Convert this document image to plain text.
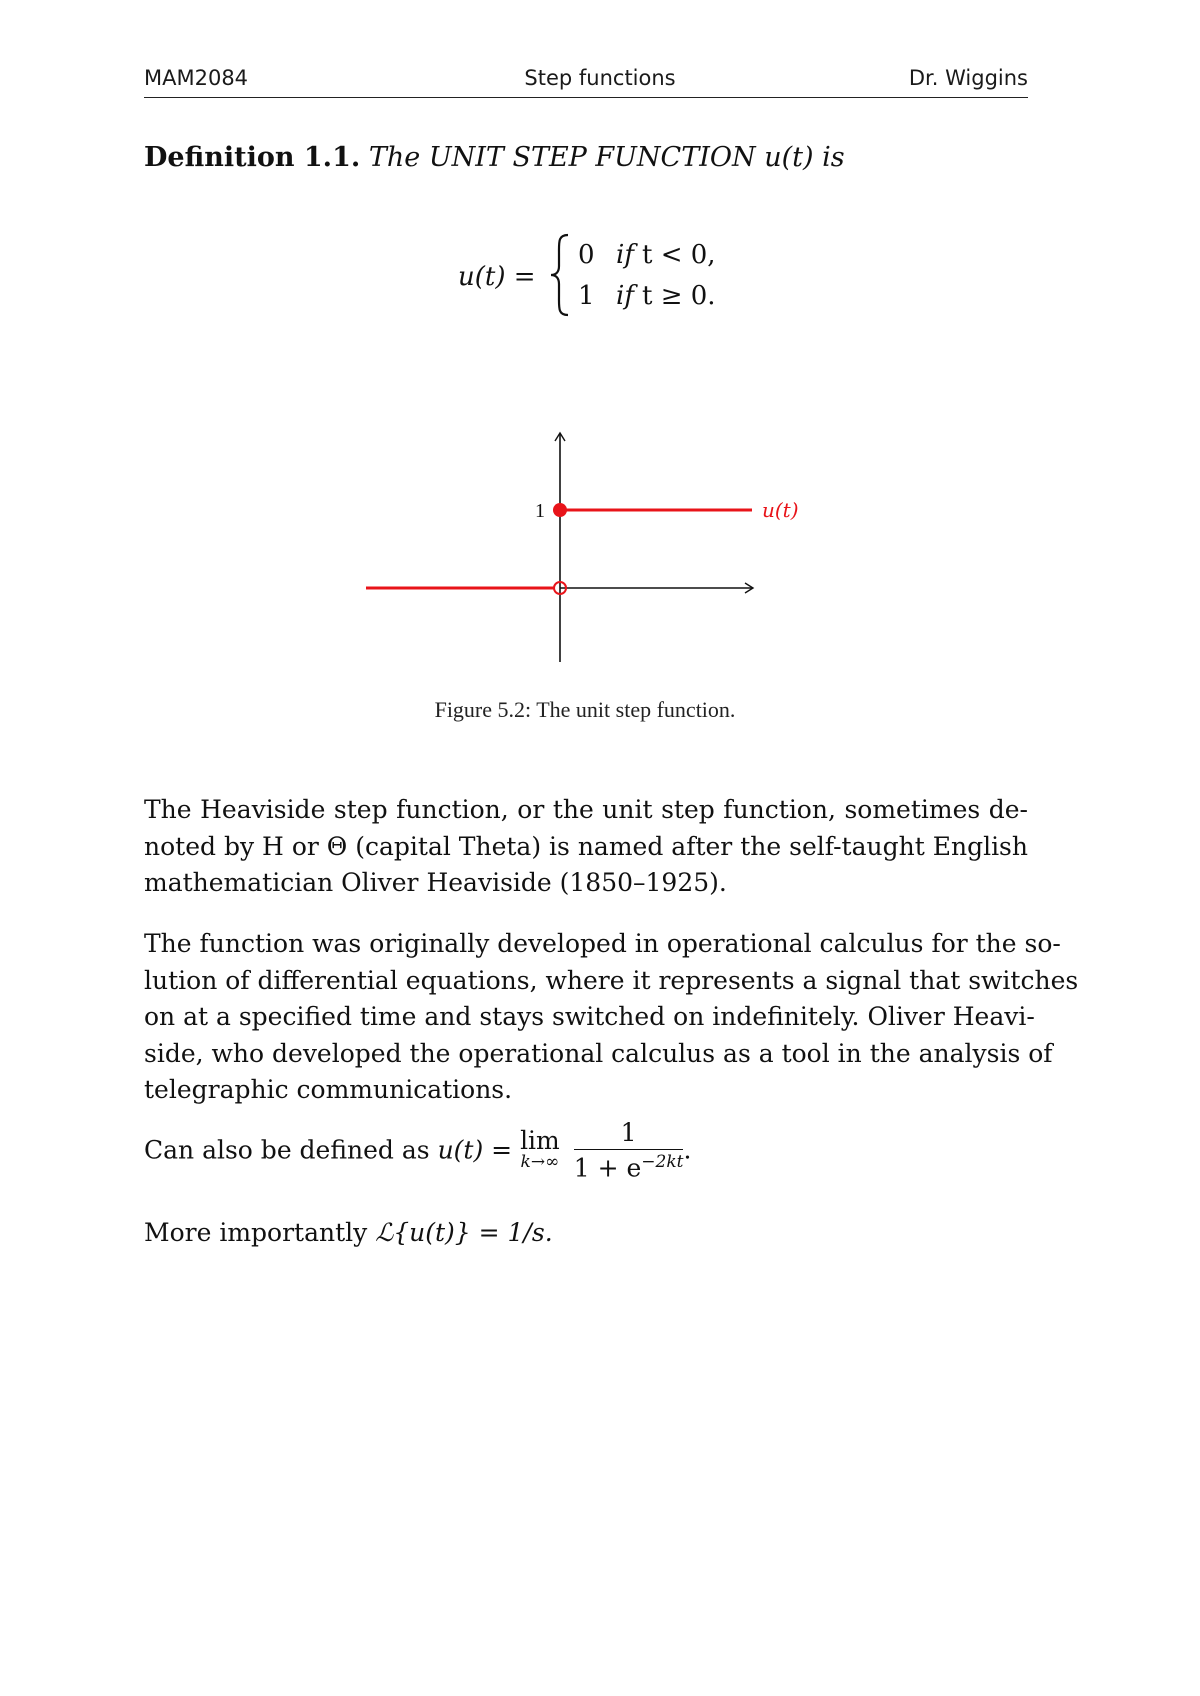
MAM2084	Step functions	Dr. Wiggins
Definition 1.1. The UNIT STEP FUNCTION u(t) is
u(t) =
0 if t < 0,
1 if t ≥ 0.
1	u(t)
Figure 5.2: The unit step function.
The Heaviside step function, or the unit step function, sometimes de-
noted by H or Θ (capital Theta) is named after the self-taught English
mathematician Oliver Heaviside (1850–1925).
The function was originally developed in operational calculus for the so-
lution of differential equations, where it represents a signal that switches
on at a specified time and stays switched on indefinitely. Oliver Heavi-
side, who developed the operational calculus as a tool in the analysis of
telegraphic communications.
Can also be defined as u(t) = lim
k→∞
$\frac{1}{1 + e^{-2kt}}$ .
More importantly ℒ{u(t)} = 1/s.
